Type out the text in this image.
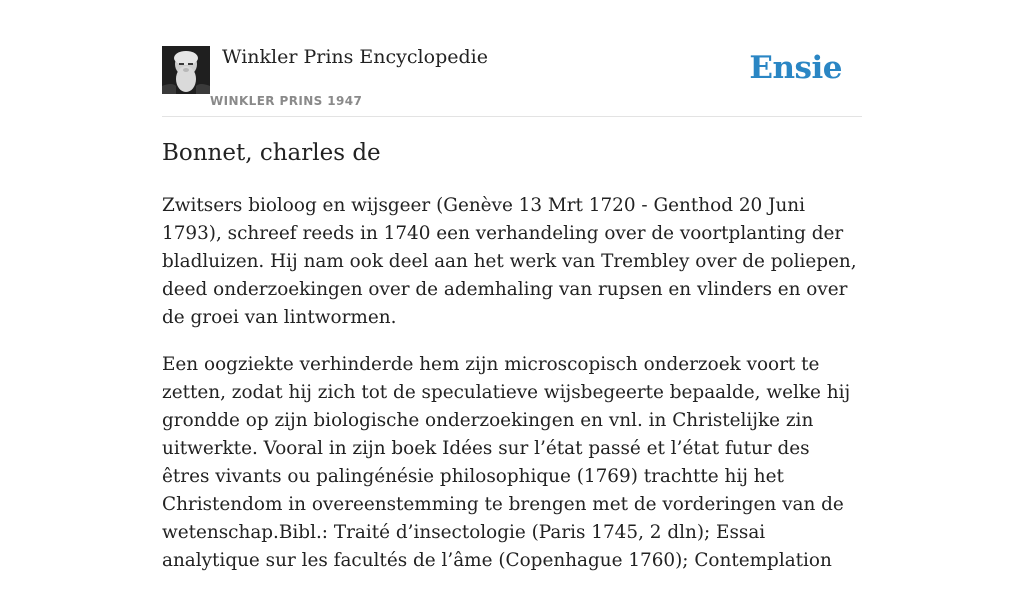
Winkler Prins Encyclopedie
WINKLER PRINS 1947
Ensie
Bonnet, charles de

Zwitsers bioloog en wijsgeer (Genève 13 Mrt 1720 - Genthod 20 Juni 1793), schreef reeds in 1740 een verhandeling over de voortplanting der bladluizen. Hij nam ook deel aan het werk van Trembley over de poliepen, deed onderzoekingen over de ademhaling van rupsen en vlinders en over de groei van lintwormen.

Een oogziekte verhinderde hem zijn microscopisch onderzoek voort te zetten, zodat hij zich tot de speculatieve wijsbegeerte bepaalde, welke hij grondde op zijn biologische onderzoekingen en vnl. in Christelijke zin uitwerkte. Vooral in zijn boek Idées sur l’état passé et l’état futur des êtres vivants ou palingénésie philosophique (1769) trachtte hij het Christendom in overeenstemming te brengen met de vorderingen van de wetenschap.Bibl.: Traité d’insectologie (Paris 1745, 2 dln); Essai analytique sur les facultés de l’âme (Copenhague 1760); Contemplation
